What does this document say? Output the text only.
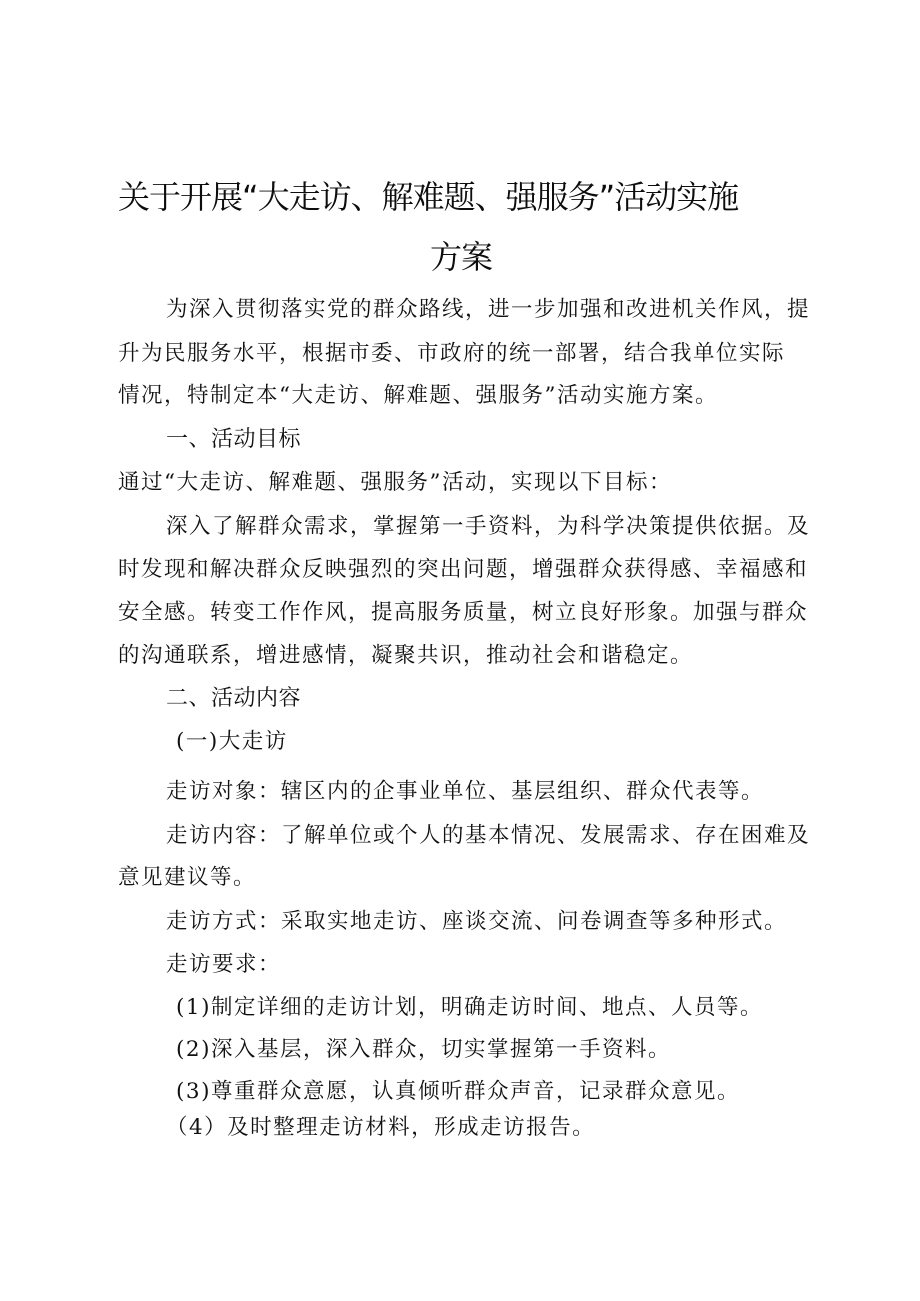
关于开展“大走访、解难题、强服务”活动实施
方案
为深入贯彻落实党的群众路线，进一步加强和改进机关作风，提
升为民服务水平，根据市委、市政府的统一部署，结合我单位实际
情况，特制定本“大走访、解难题、强服务”活动实施方案。
一、活动目标
通过“大走访、解难题、强服务”活动，实现以下目标：
深入了解群众需求，掌握第一手资料，为科学决策提供依据。及
时发现和解决群众反映强烈的突出问题，增强群众获得感、幸福感和
安全感。转变工作作风，提高服务质量，树立良好形象。加强与群众
的沟通联系，增进感情，凝聚共识，推动社会和谐稳定。
二、活动内容
(一)大走访
走访对象：辖区内的企事业单位、基层组织、群众代表等。
走访内容：了解单位或个人的基本情况、发展需求、存在困难及
意见建议等。
走访方式：采取实地走访、座谈交流、问卷调查等多种形式。
走访要求：
(1)制定详细的走访计划，明确走访时间、地点、人员等。
(2)深入基层，深入群众，切实掌握第一手资料。
(3)尊重群众意愿，认真倾听群众声音，记录群众意见。
（4）及时整理走访材料，形成走访报告。
